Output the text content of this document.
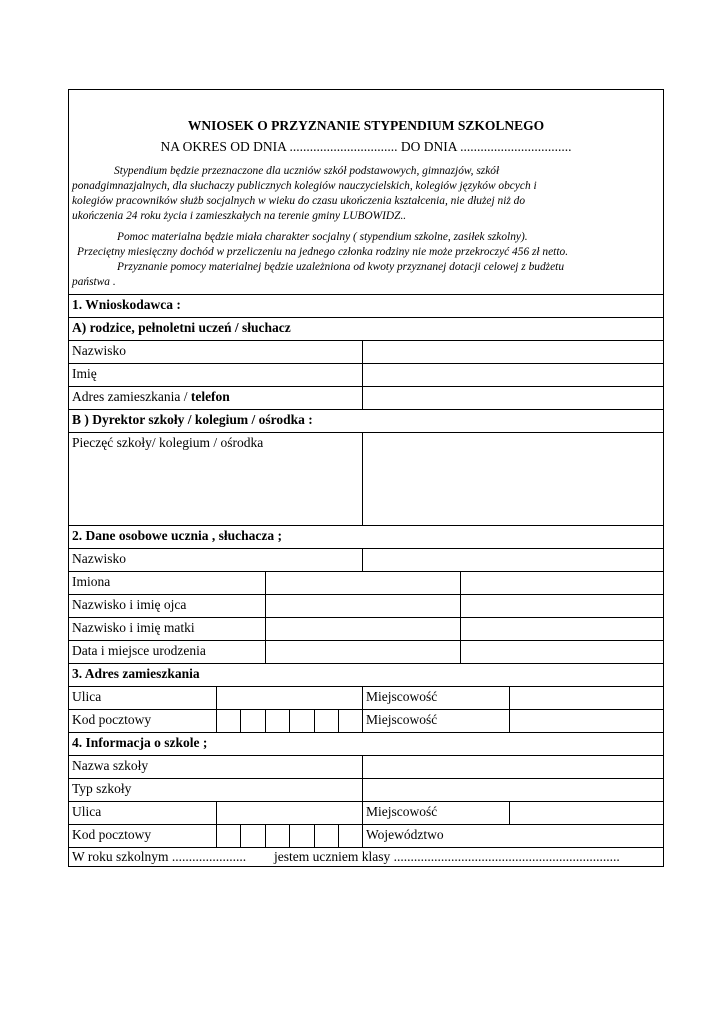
WNIOSEK O PRZYZNANIE STYPENDIUM SZKOLNEGO
NA OKRES OD DNIA ................................ DO DNIA .................................
Stypendium będzie przeznaczone dla uczniów szkół podstawowych, gimnazjów, szkół
ponadgimnazjalnych, dla słuchaczy publicznych kolegiów nauczycielskich, kolegiów języków obcych i
kolegiów pracowników służb socjalnych w wieku do czasu ukończenia kształcenia, nie dłużej niż do
ukończenia 24 roku życia i zamieszkałych na terenie gminy LUBOWIDZ..
Pomoc materialna będzie miała charakter socjalny ( stypendium szkolne, zasiłek szkolny).
Przeciętny miesięczny dochód w przeliczeniu na jednego członka rodziny nie może przekroczyć 456 zł netto.
Przyznanie pomocy materialnej będzie uzależniona od kwoty przyznanej dotacji celowej z budżetu
państwa .
1. Wnioskodawca :
A) rodzice, pełnoletni uczeń / słuchacz
Nazwisko
Imię
Adres zamieszkania / telefon
B ) Dyrektor szkoły / kolegium / ośrodka :
Pieczęć szkoły/ kolegium / ośrodka
2. Dane osobowe ucznia , słuchacza ;
Nazwisko
Imiona
Nazwisko i imię ojca
Nazwisko i imię matki
Data i miejsce urodzenia
3. Adres zamieszkania
Ulica	Miejscowość
Kod pocztowy	Miejscowość
4. Informacja o szkole ;
Nazwa szkoły
Typ szkoły
Ulica	Miejscowość
Kod pocztowy	Województwo
W roku szkolnym ...................... jestem uczniem klasy ...................................................................
